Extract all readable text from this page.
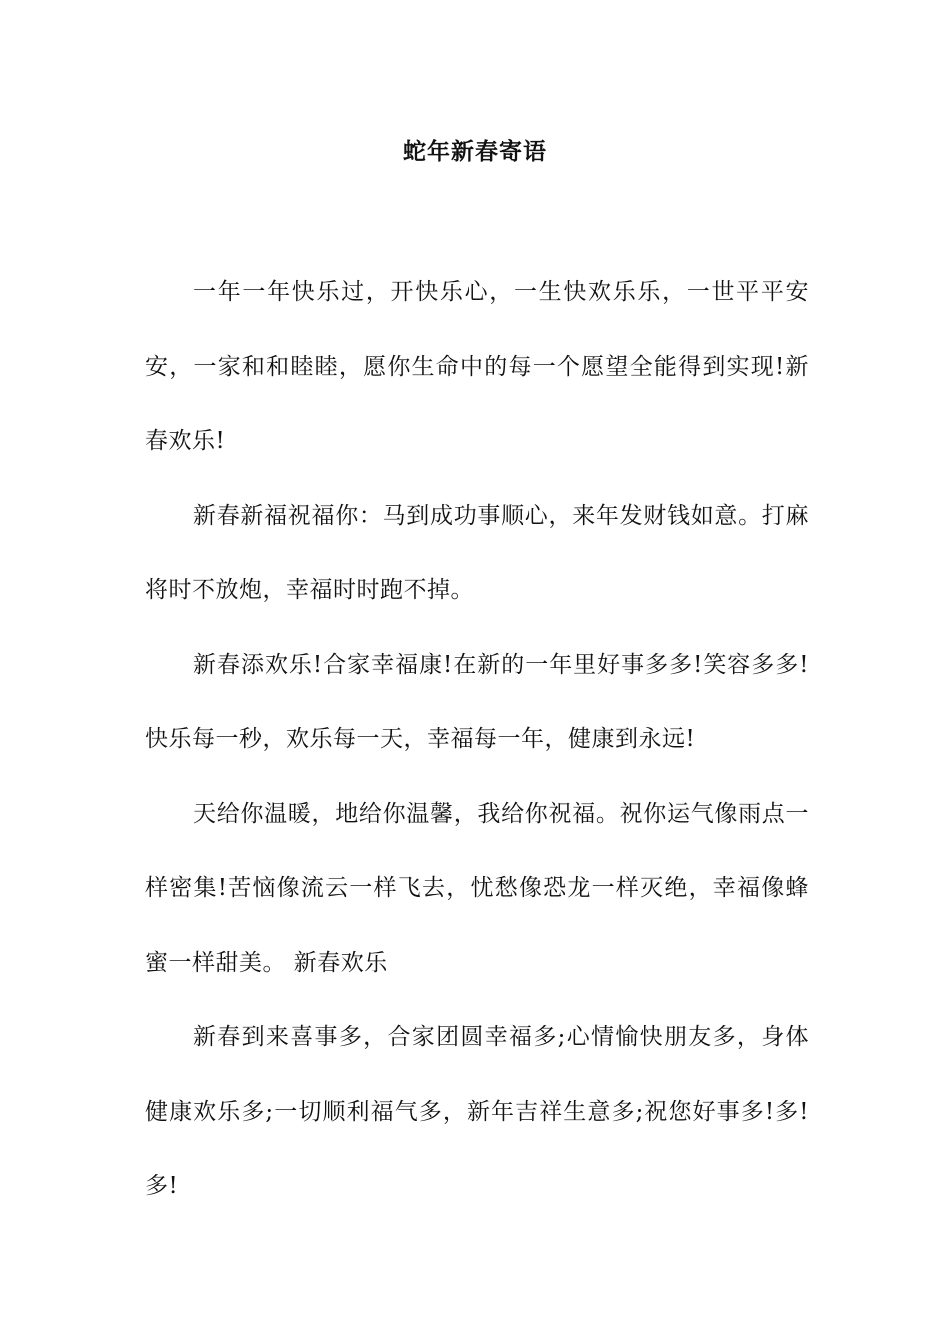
蛇年新春寄语

一年一年快乐过，开快乐心，一生快欢乐乐，一世平平安安，一家和和睦睦，愿你生命中的每一个愿望全能得到实现!新春欢乐!

新春新福祝福你：马到成功事顺心，来年发财钱如意。打麻将时不放炮，幸福时时跑不掉。

新春添欢乐!合家幸福康!在新的一年里好事多多!笑容多多!快乐每一秒，欢乐每一天，幸福每一年，健康到永远!

天给你温暖，地给你温馨，我给你祝福。祝你运气像雨点一样密集!苦恼像流云一样飞去，忧愁像恐龙一样灭绝，幸福像蜂蜜一样甜美。 新春欢乐

新春到来喜事多，合家团圆幸福多;心情愉快朋友多，身体健康欢乐多;一切顺利福气多，新年吉祥生意多;祝您好事多!多!多!
